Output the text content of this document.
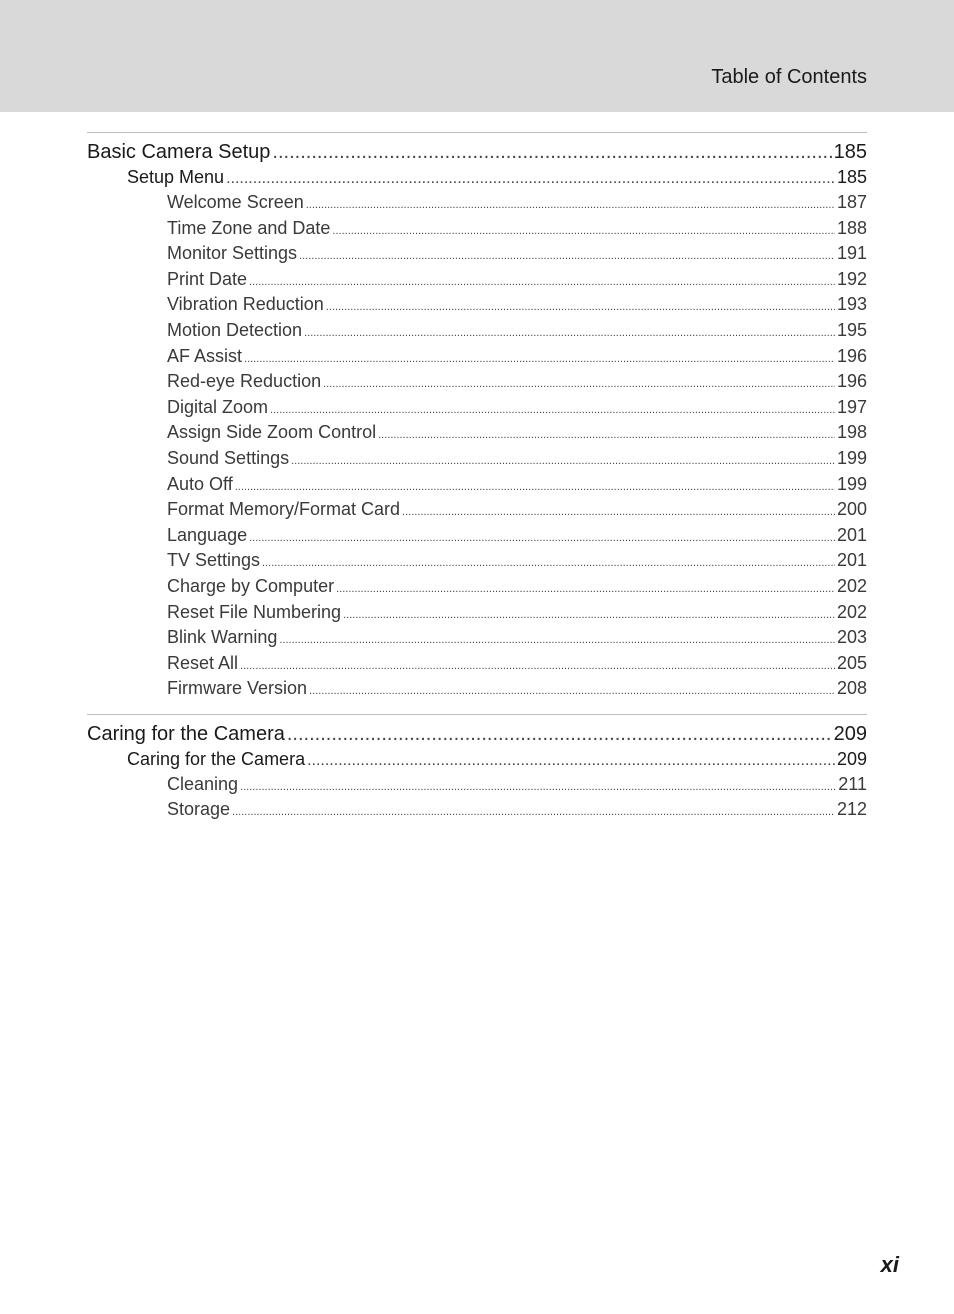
Table of Contents
Basic Camera Setup .....	185
Setup Menu .....	185
Welcome Screen .....	187
Time Zone and Date .....	188
Monitor Settings .....	191
Print Date .....	192
Vibration Reduction .....	193
Motion Detection .....	195
AF Assist .....	196
Red-eye Reduction .....	196
Digital Zoom .....	197
Assign Side Zoom Control .....	198
Sound Settings .....	199
Auto Off .....	199
Format Memory/Format Card .....	200
Language .....	201
TV Settings .....	201
Charge by Computer .....	202
Reset File Numbering .....	202
Blink Warning .....	203
Reset All .....	205
Firmware Version .....	208
Caring for the Camera .....	209
Caring for the Camera .....	209
Cleaning .....	211
Storage .....	212
xi
